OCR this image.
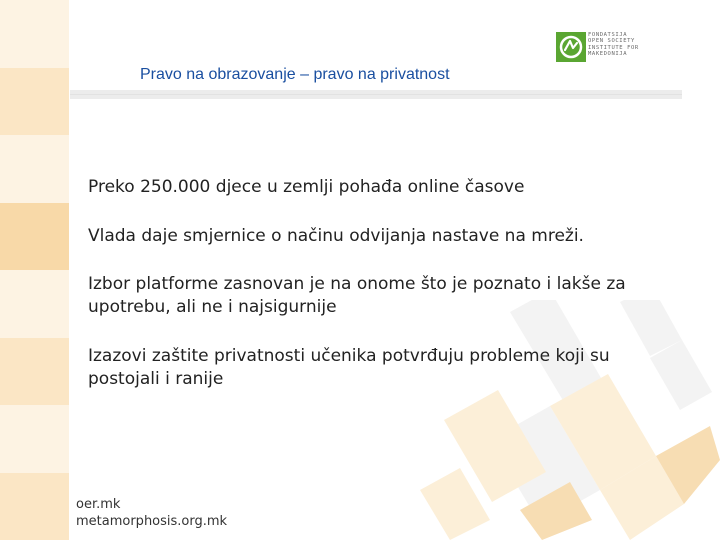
FONDATSIJA
OPEN SOCIETY
INSTITUTE FOR
MAKEDONIJA
Pravo na obrazovanje – pravo na privatnost
Preko 250.000 djece u zemlji pohađa online časove
Vlada daje smjernice o načinu odvijanja nastave na mreži.
Izbor platforme zasnovan je na onome što je poznato i lakše za upotrebu, ali ne i najsigurnije
Izazovi zaštite privatnosti učenika potvrđuju probleme koji su postojali i ranije
oer.mk
metamorphosis.org.mk
